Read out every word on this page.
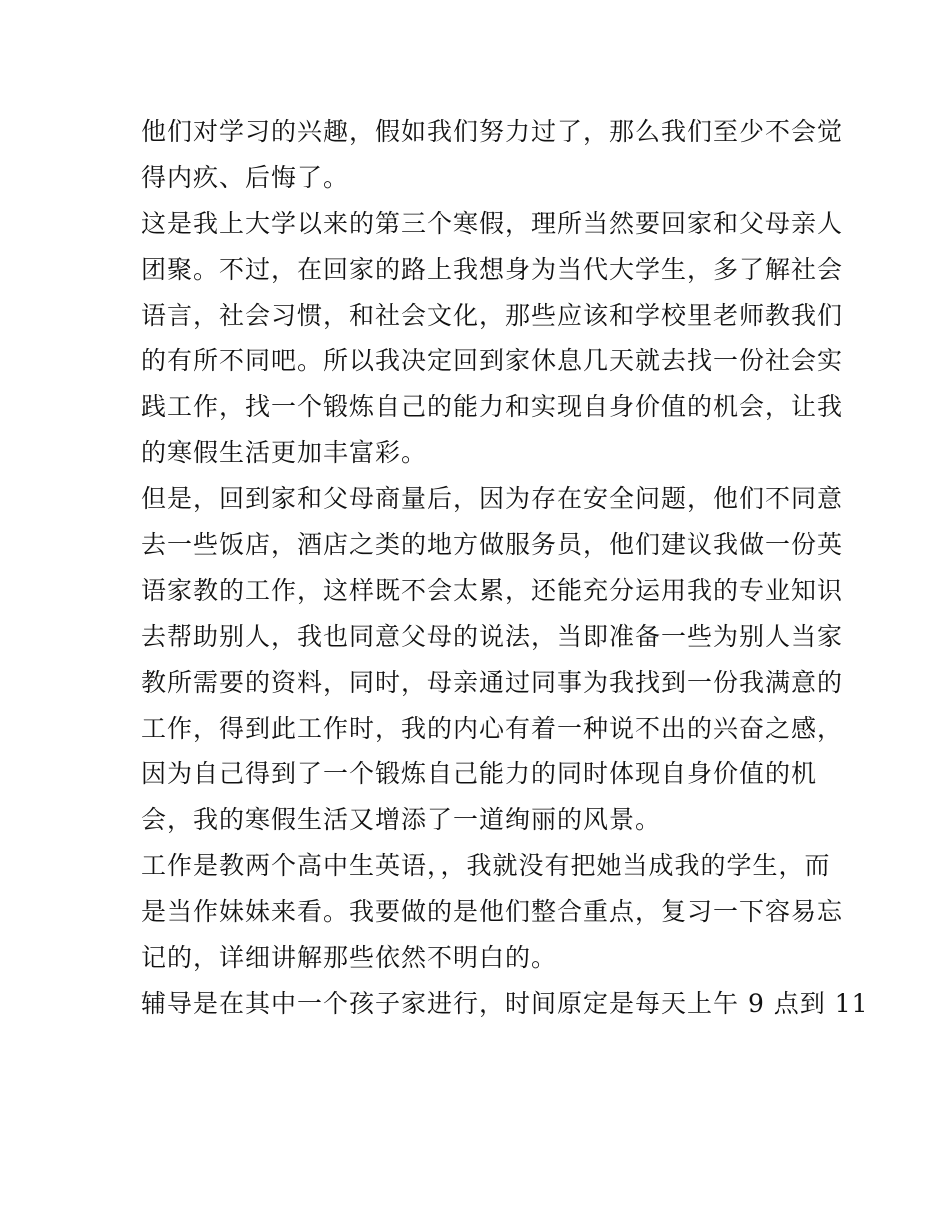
他们对学习的兴趣，假如我们努力过了，那么我们至少不会觉
得内疚、后悔了。
这是我上大学以来的第三个寒假，理所当然要回家和父母亲人
团聚。不过，在回家的路上我想身为当代大学生，多了解社会
语言，社会习惯，和社会文化，那些应该和学校里老师教我们
的有所不同吧。所以我决定回到家休息几天就去找一份社会实
践工作，找一个锻炼自己的能力和实现自身价值的机会，让我
的寒假生活更加丰富彩。
但是，回到家和父母商量后，因为存在安全问题，他们不同意
去一些饭店，酒店之类的地方做服务员，他们建议我做一份英
语家教的工作，这样既不会太累，还能充分运用我的专业知识
去帮助别人，我也同意父母的说法，当即准备一些为别人当家
教所需要的资料，同时，母亲通过同事为我找到一份我满意的
工作，得到此工作时，我的内心有着一种说不出的兴奋之感，
因为自己得到了一个锻炼自己能力的同时体现自身价值的机
会，我的寒假生活又增添了一道绚丽的风景。
工作是教两个高中生英语，，我就没有把她当成我的学生，而
是当作妹妹来看。我要做的是他们整合重点，复习一下容易忘
记的，详细讲解那些依然不明白的。
辅导是在其中一个孩子家进行，时间原定是每天上午 9 点到 11
